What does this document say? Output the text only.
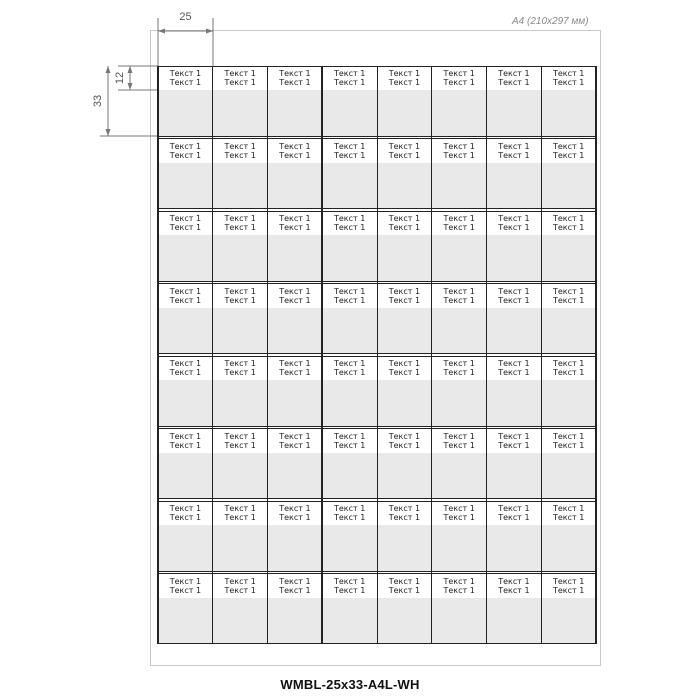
A4 (210x297 мм)
25
12
33
Текст 1
Текст 1
Текст 1
Текст 1
Текст 1
Текст 1
Текст 1
Текст 1
Текст 1
Текст 1
Текст 1
Текст 1
Текст 1
Текст 1
Текст 1
Текст 1
Текст 1
Текст 1
Текст 1
Текст 1
Текст 1
Текст 1
Текст 1
Текст 1
Текст 1
Текст 1
Текст 1
Текст 1
Текст 1
Текст 1
Текст 1
Текст 1
Текст 1
Текст 1
Текст 1
Текст 1
Текст 1
Текст 1
Текст 1
Текст 1
Текст 1
Текст 1
Текст 1
Текст 1
Текст 1
Текст 1
Текст 1
Текст 1
Текст 1
Текст 1
Текст 1
Текст 1
Текст 1
Текст 1
Текст 1
Текст 1
Текст 1
Текст 1
Текст 1
Текст 1
Текст 1
Текст 1
Текст 1
Текст 1
Текст 1
Текст 1
Текст 1
Текст 1
Текст 1
Текст 1
Текст 1
Текст 1
Текст 1
Текст 1
Текст 1
Текст 1
Текст 1
Текст 1
Текст 1
Текст 1
Текст 1
Текст 1
Текст 1
Текст 1
Текст 1
Текст 1
Текст 1
Текст 1
Текст 1
Текст 1
Текст 1
Текст 1
Текст 1
Текст 1
Текст 1
Текст 1
Текст 1
Текст 1
Текст 1
Текст 1
Текст 1
Текст 1
Текст 1
Текст 1
Текст 1
Текст 1
Текст 1
Текст 1
Текст 1
Текст 1
Текст 1
Текст 1
Текст 1
Текст 1
Текст 1
Текст 1
Текст 1
Текст 1
Текст 1
Текст 1
Текст 1
Текст 1
Текст 1
Текст 1
Текст 1
Текст 1
Текст 1
Текст 1
WMBL-25x33-A4L-WH
